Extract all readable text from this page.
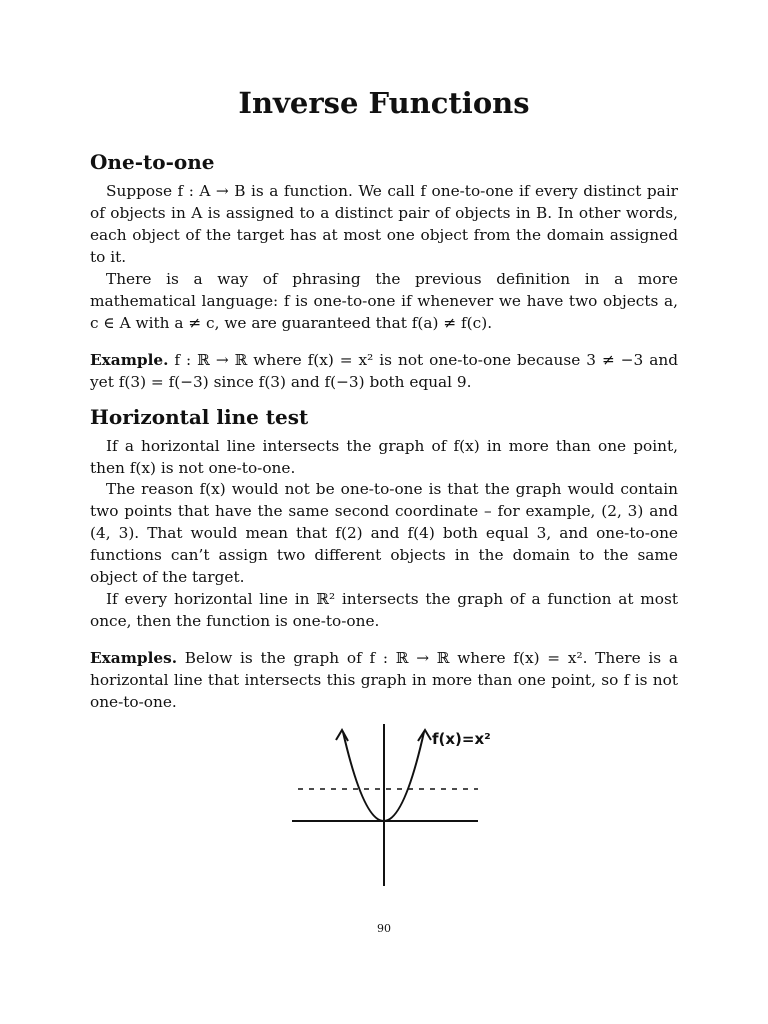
Inverse Functions
One-to-one

Suppose f : A → B is a function. We call f one-to-one if every distinct pair of objects in A is assigned to a distinct pair of objects in B. In other words, each object of the target has at most one object from the domain assigned to it.

There is a way of phrasing the previous definition in a more mathematical language: f is one-to-one if whenever we have two objects a, c ∈ A with a ≠ c, we are guaranteed that f(a) ≠ f(c).

Example. f : ℝ → ℝ where f(x) = x² is not one-to-one because 3 ≠ −3 and yet f(3) = f(−3) since f(3) and f(−3) both equal 9.

Horizontal line test

If a horizontal line intersects the graph of f(x) in more than one point, then f(x) is not one-to-one.

The reason f(x) would not be one-to-one is that the graph would contain two points that have the same second coordinate – for example, (2, 3) and (4, 3). That would mean that f(2) and f(4) both equal 3, and one-to-one functions can’t assign two different objects in the domain to the same object of the target.

If every horizontal line in ℝ² intersects the graph of a function at most once, then the function is one-to-one.

Examples. Below is the graph of f : ℝ → ℝ where f(x) = x². There is a horizontal line that intersects this graph in more than one point, so f is not one-to-one.

f(x)=x²
90
